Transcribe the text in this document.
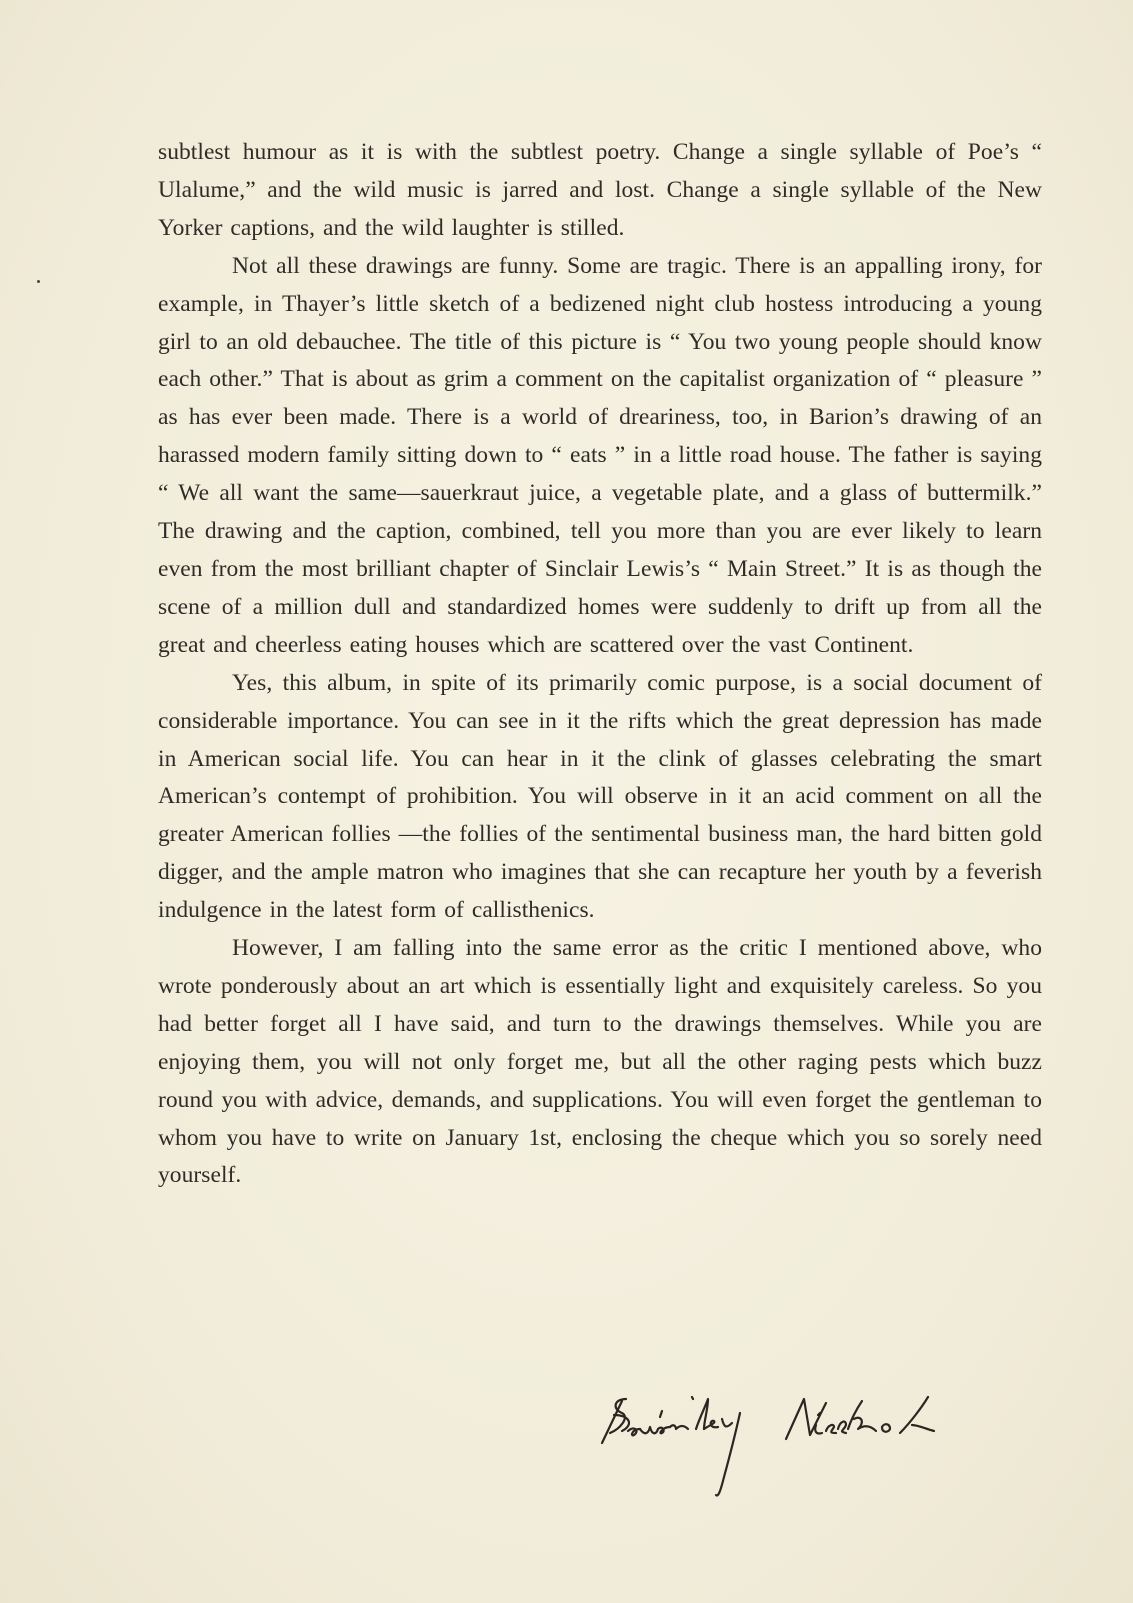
subtlest humour as it is with the subtlest poetry. Change a single syllable of Poe’s “ Ulalume,” and the wild music is jarred and lost. Change a single syllable of the New Yorker captions, and the wild laughter is stilled.

Not all these drawings are funny. Some are tragic. There is an appalling irony, for example, in Thayer’s little sketch of a bedizened night club hostess introducing a young girl to an old debauchee. The title of this picture is “ You two young people should know each other.” That is about as grim a comment on the capitalist organization of “ pleasure ” as has ever been made. There is a world of dreariness, too, in Barion’s drawing of an harassed modern family sitting down to “ eats ” in a little road house. The father is saying “ We all want the same—sauerkraut juice, a vegetable plate, and a glass of buttermilk.” The drawing and the caption, combined, tell you more than you are ever likely to learn even from the most brilliant chapter of Sinclair Lewis’s “ Main Street.” It is as though the scene of a million dull and standardized homes were suddenly to drift up from all the great and cheerless eating houses which are scattered over the vast Continent.

Yes, this album, in spite of its primarily comic purpose, is a social document of considerable importance. You can see in it the rifts which the great depression has made in American social life. You can hear in it the clink of glasses celebrating the smart American’s contempt of prohibition. You will observe in it an acid comment on all the greater American follies —the follies of the sentimental business man, the hard bitten gold digger, and the ample matron who imagines that she can recapture her youth by a feverish indulgence in the latest form of callisthenics.

However, I am falling into the same error as the critic I mentioned above, who wrote ponderously about an art which is essentially light and exquisitely careless. So you had better forget all I have said, and turn to the drawings themselves. While you are enjoying them, you will not only forget me, but all the other raging pests which buzz round you with advice, demands, and supplications. You will even forget the gentleman to whom you have to write on January 1st, enclosing the cheque which you so sorely need yourself.
